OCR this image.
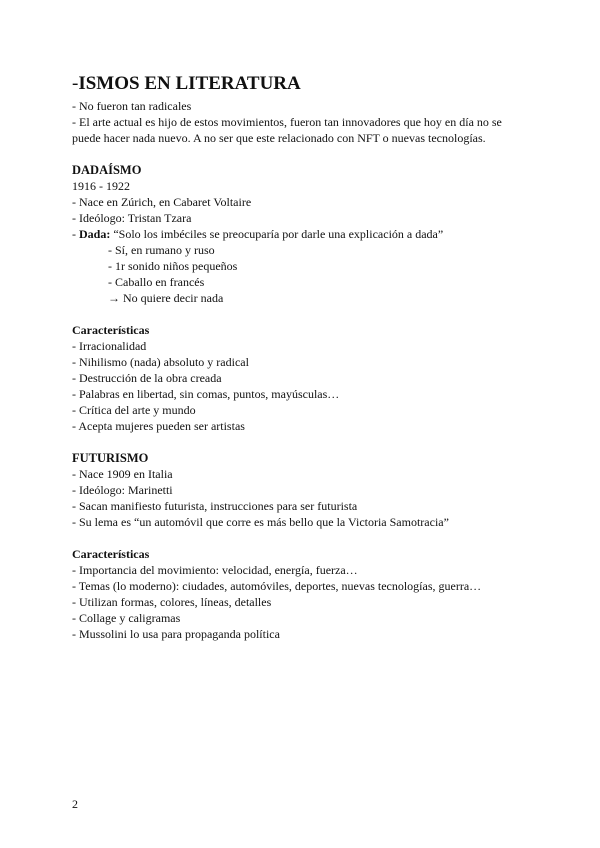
-ISMOS EN LITERATURA

- No fueron tan radicales

- El arte actual es hijo de estos movimientos, fueron tan innovadores que hoy en día no se puede hacer nada nuevo. A no ser que este relacionado con NFT o nuevas tecnologías.

DADAÍSMO

1916 - 1922

- Nace en Zúrich, en Cabaret Voltaire

- Ideólogo: Tristan Tzara

- Dada: “Solo los imbéciles se preocuparía por darle una explicación a dada”

- Sí, en rumano y ruso

- 1r sonido niños pequeños

- Caballo en francés

→ No quiere decir nada

Características

- Irracionalidad

- Nihilismo (nada) absoluto y radical

- Destrucción de la obra creada

- Palabras en libertad, sin comas, puntos, mayúsculas…

- Crítica del arte y mundo

- Acepta mujeres pueden ser artistas

FUTURISMO

- Nace 1909 en Italia

- Ideólogo: Marinetti

- Sacan manifiesto futurista, instrucciones para ser futurista

- Su lema es “un automóvil que corre es más bello que la Victoria Samotracia”

Características

- Importancia del movimiento: velocidad, energía, fuerza…

- Temas (lo moderno): ciudades, automóviles, deportes, nuevas tecnologías, guerra…

- Utilizan formas, colores, líneas, detalles

- Collage y caligramas

- Mussolini lo usa para propaganda política

2
